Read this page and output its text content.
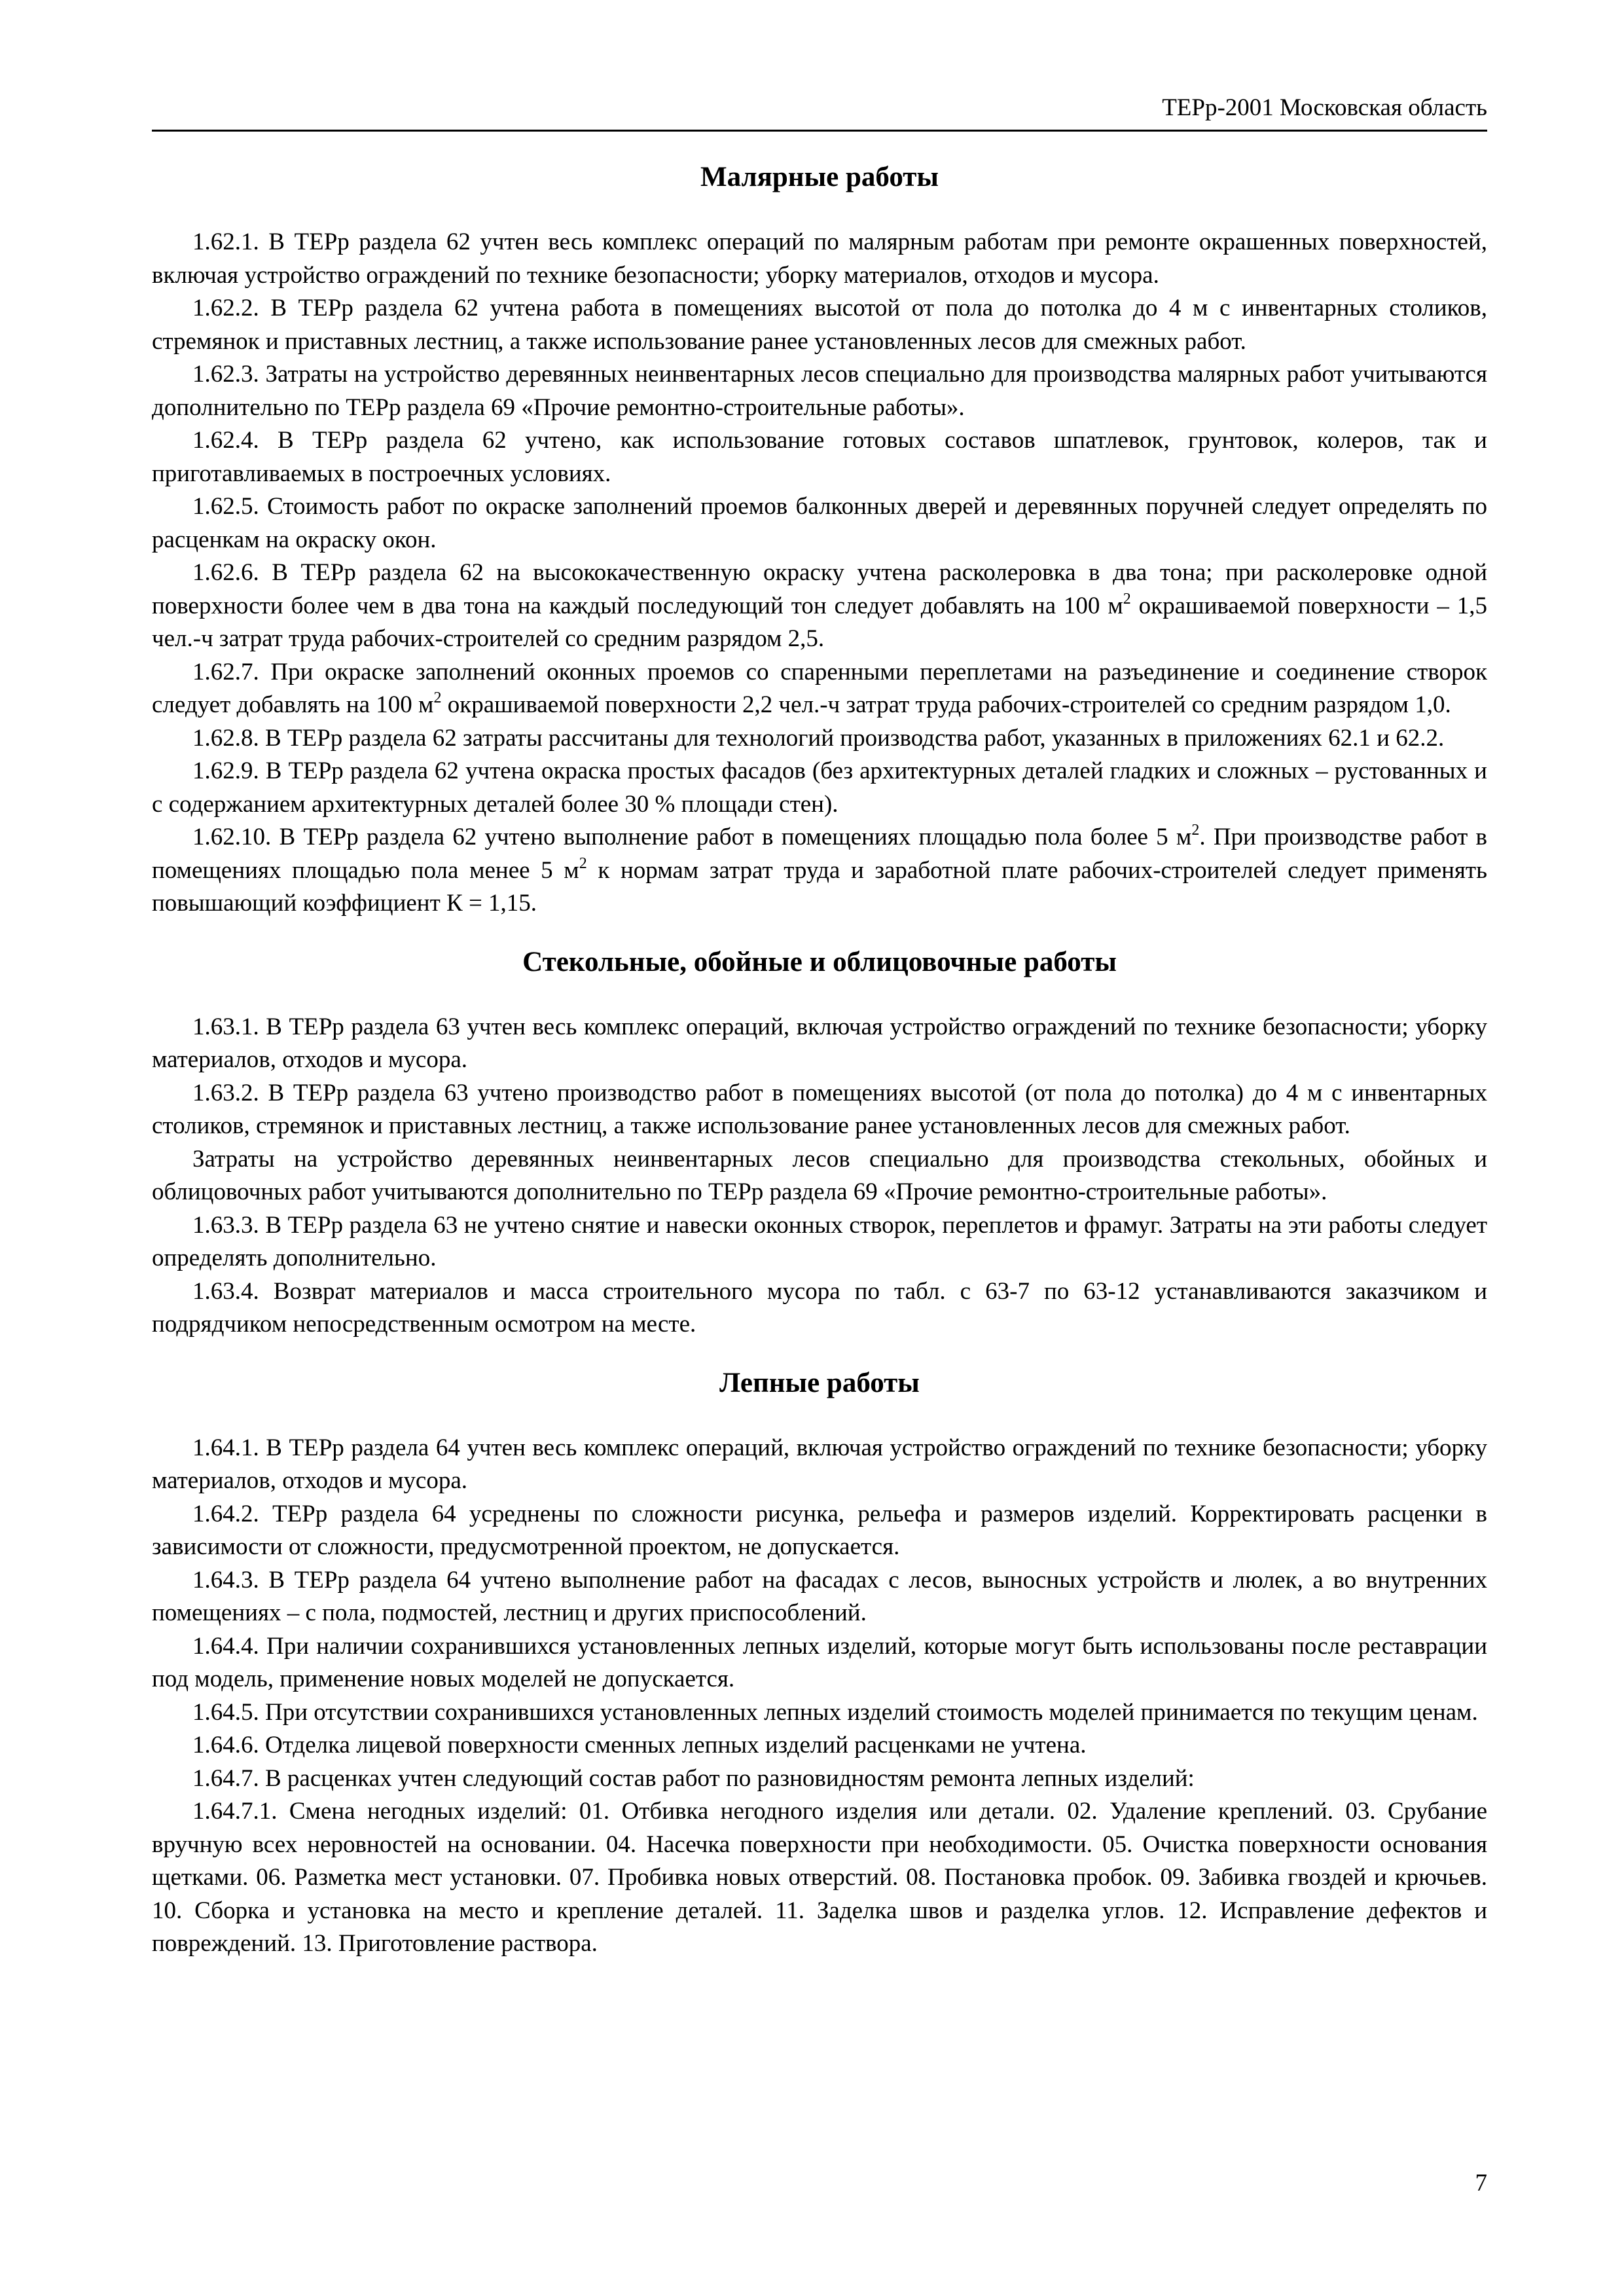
ТЕРр-2001 Московская область
Малярные работы

1.62.1. В ТЕРр раздела 62 учтен весь комплекс операций по малярным работам при ремонте окрашенных поверхностей, включая устройство ограждений по технике безопасности; уборку материалов, отходов и мусора.

1.62.2. В ТЕРр раздела 62 учтена работа в помещениях высотой от пола до потолка до 4 м с инвентарных столиков, стремянок и приставных лестниц, а также использование ранее установленных лесов для смежных работ.

1.62.3. Затраты на устройство деревянных неинвентарных лесов специально для производства малярных работ учитываются дополнительно по ТЕРр раздела 69 «Прочие ремонтно-строительные работы».

1.62.4. В ТЕРр раздела 62 учтено, как использование готовых составов шпатлевок, грунтовок, колеров, так и приготавливаемых в построечных условиях.

1.62.5. Стоимость работ по окраске заполнений проемов балконных дверей и деревянных поручней следует определять по расценкам на окраску окон.

1.62.6. В ТЕРр раздела 62 на высококачественную окраску учтена расколеровка в два тона; при расколеровке одной поверхности более чем в два тона на каждый последующий тон следует добавлять на 100 $м^2$ окрашиваемой поверхности – 1,5 чел.-ч затрат труда рабочих-строителей со средним разрядом 2,5.

1.62.7. При окраске заполнений оконных проемов со спаренными переплетами на разъединение и соединение створок следует добавлять на 100 $м^2$ окрашиваемой поверхности 2,2 чел.-ч затрат труда рабочих-строителей со средним разрядом 1,0.

1.62.8. В ТЕРр раздела 62 затраты рассчитаны для технологий производства работ, указанных в приложениях 62.1 и 62.2.

1.62.9. В ТЕРр раздела 62 учтена окраска простых фасадов (без архитектурных деталей гладких и сложных – рустованных и с содержанием архитектурных деталей более 30 % площади стен).

1.62.10. В ТЕРр раздела 62 учтено выполнение работ в помещениях площадью пола более 5 $м^2$. При производстве работ в помещениях площадью пола менее 5 $м^2$ к нормам затрат труда и заработной плате рабочих-строителей следует применять повышающий коэффициент К = 1,15.

Стекольные, обойные и облицовочные работы

1.63.1. В ТЕРр раздела 63 учтен весь комплекс операций, включая устройство ограждений по технике безопасности; уборку материалов, отходов и мусора.

1.63.2. В ТЕРр раздела 63 учтено производство работ в помещениях высотой (от пола до потолка) до 4 м с инвентарных столиков, стремянок и приставных лестниц, а также использование ранее установленных лесов для смежных работ.

Затраты на устройство деревянных неинвентарных лесов специально для производства стекольных, обойных и облицовочных работ учитываются дополнительно по ТЕРр раздела 69 «Прочие ремонтно-строительные работы».

1.63.3. В ТЕРр раздела 63 не учтено снятие и навески оконных створок, переплетов и фрамуг. Затраты на эти работы следует определять дополнительно.

1.63.4. Возврат материалов и масса строительного мусора по табл. с 63-7 по 63-12 устанавливаются заказчиком и подрядчиком непосредственным осмотром на месте.

Лепные работы

1.64.1. В ТЕРр раздела 64 учтен весь комплекс операций, включая устройство ограждений по технике безопасности; уборку материалов, отходов и мусора.

1.64.2. ТЕРр раздела 64 усреднены по сложности рисунка, рельефа и размеров изделий. Корректировать расценки в зависимости от сложности, предусмотренной проектом, не допускается.

1.64.3. В ТЕРр раздела 64 учтено выполнение работ на фасадах с лесов, выносных устройств и люлек, а во внутренних помещениях – с пола, подмостей, лестниц и других приспособлений.

1.64.4. При наличии сохранившихся установленных лепных изделий, которые могут быть использованы после реставрации под модель, применение новых моделей не допускается.

1.64.5. При отсутствии сохранившихся установленных лепных изделий стоимость моделей принимается по текущим ценам.

1.64.6. Отделка лицевой поверхности сменных лепных изделий расценками не учтена.

1.64.7. В расценках учтен следующий состав работ по разновидностям ремонта лепных изделий:

1.64.7.1. Смена негодных изделий: 01. Отбивка негодного изделия или детали. 02. Удаление креплений. 03. Срубание вручную всех неровностей на основании. 04. Насечка поверхности при необходимости. 05. Очистка поверхности основания щетками. 06. Разметка мест установки. 07. Пробивка новых отверстий. 08. Постановка пробок. 09. Забивка гвоздей и крючьев. 10. Сборка и установка на место и крепление деталей. 11. Заделка швов и разделка углов. 12. Исправление дефектов и повреждений. 13. Приготовление раствора.

7
